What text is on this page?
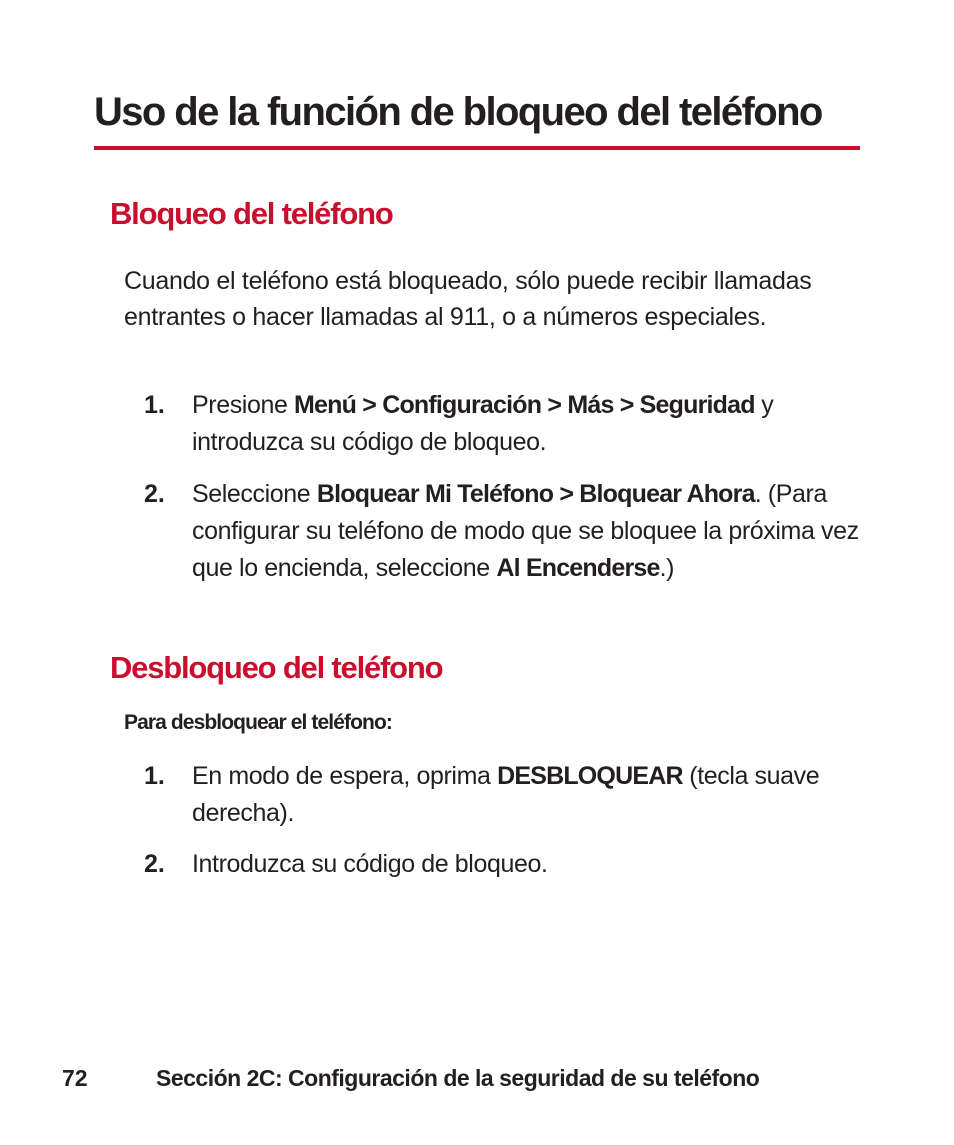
Uso de la función de bloqueo del teléfono
Bloqueo del teléfono

Cuando el teléfono está bloqueado, sólo puede recibir llamadas entrantes o hacer llamadas al 911, o a números especiales.

1. Presione Menú > Configuración > Más > Seguridad y introduzca su código de bloqueo.
2. Seleccione Bloquear Mi Teléfono > Bloquear Ahora. (Para configurar su teléfono de modo que se bloquee la próxima vez que lo encienda, seleccione Al Encenderse.)
Desbloqueo del teléfono

Para desbloquear el teléfono:

1. En modo de espera, oprima DESBLOQUEAR (tecla suave derecha).
2. Introduzca su código de bloqueo.
72	Sección 2C: Configuración de la seguridad de su teléfono
